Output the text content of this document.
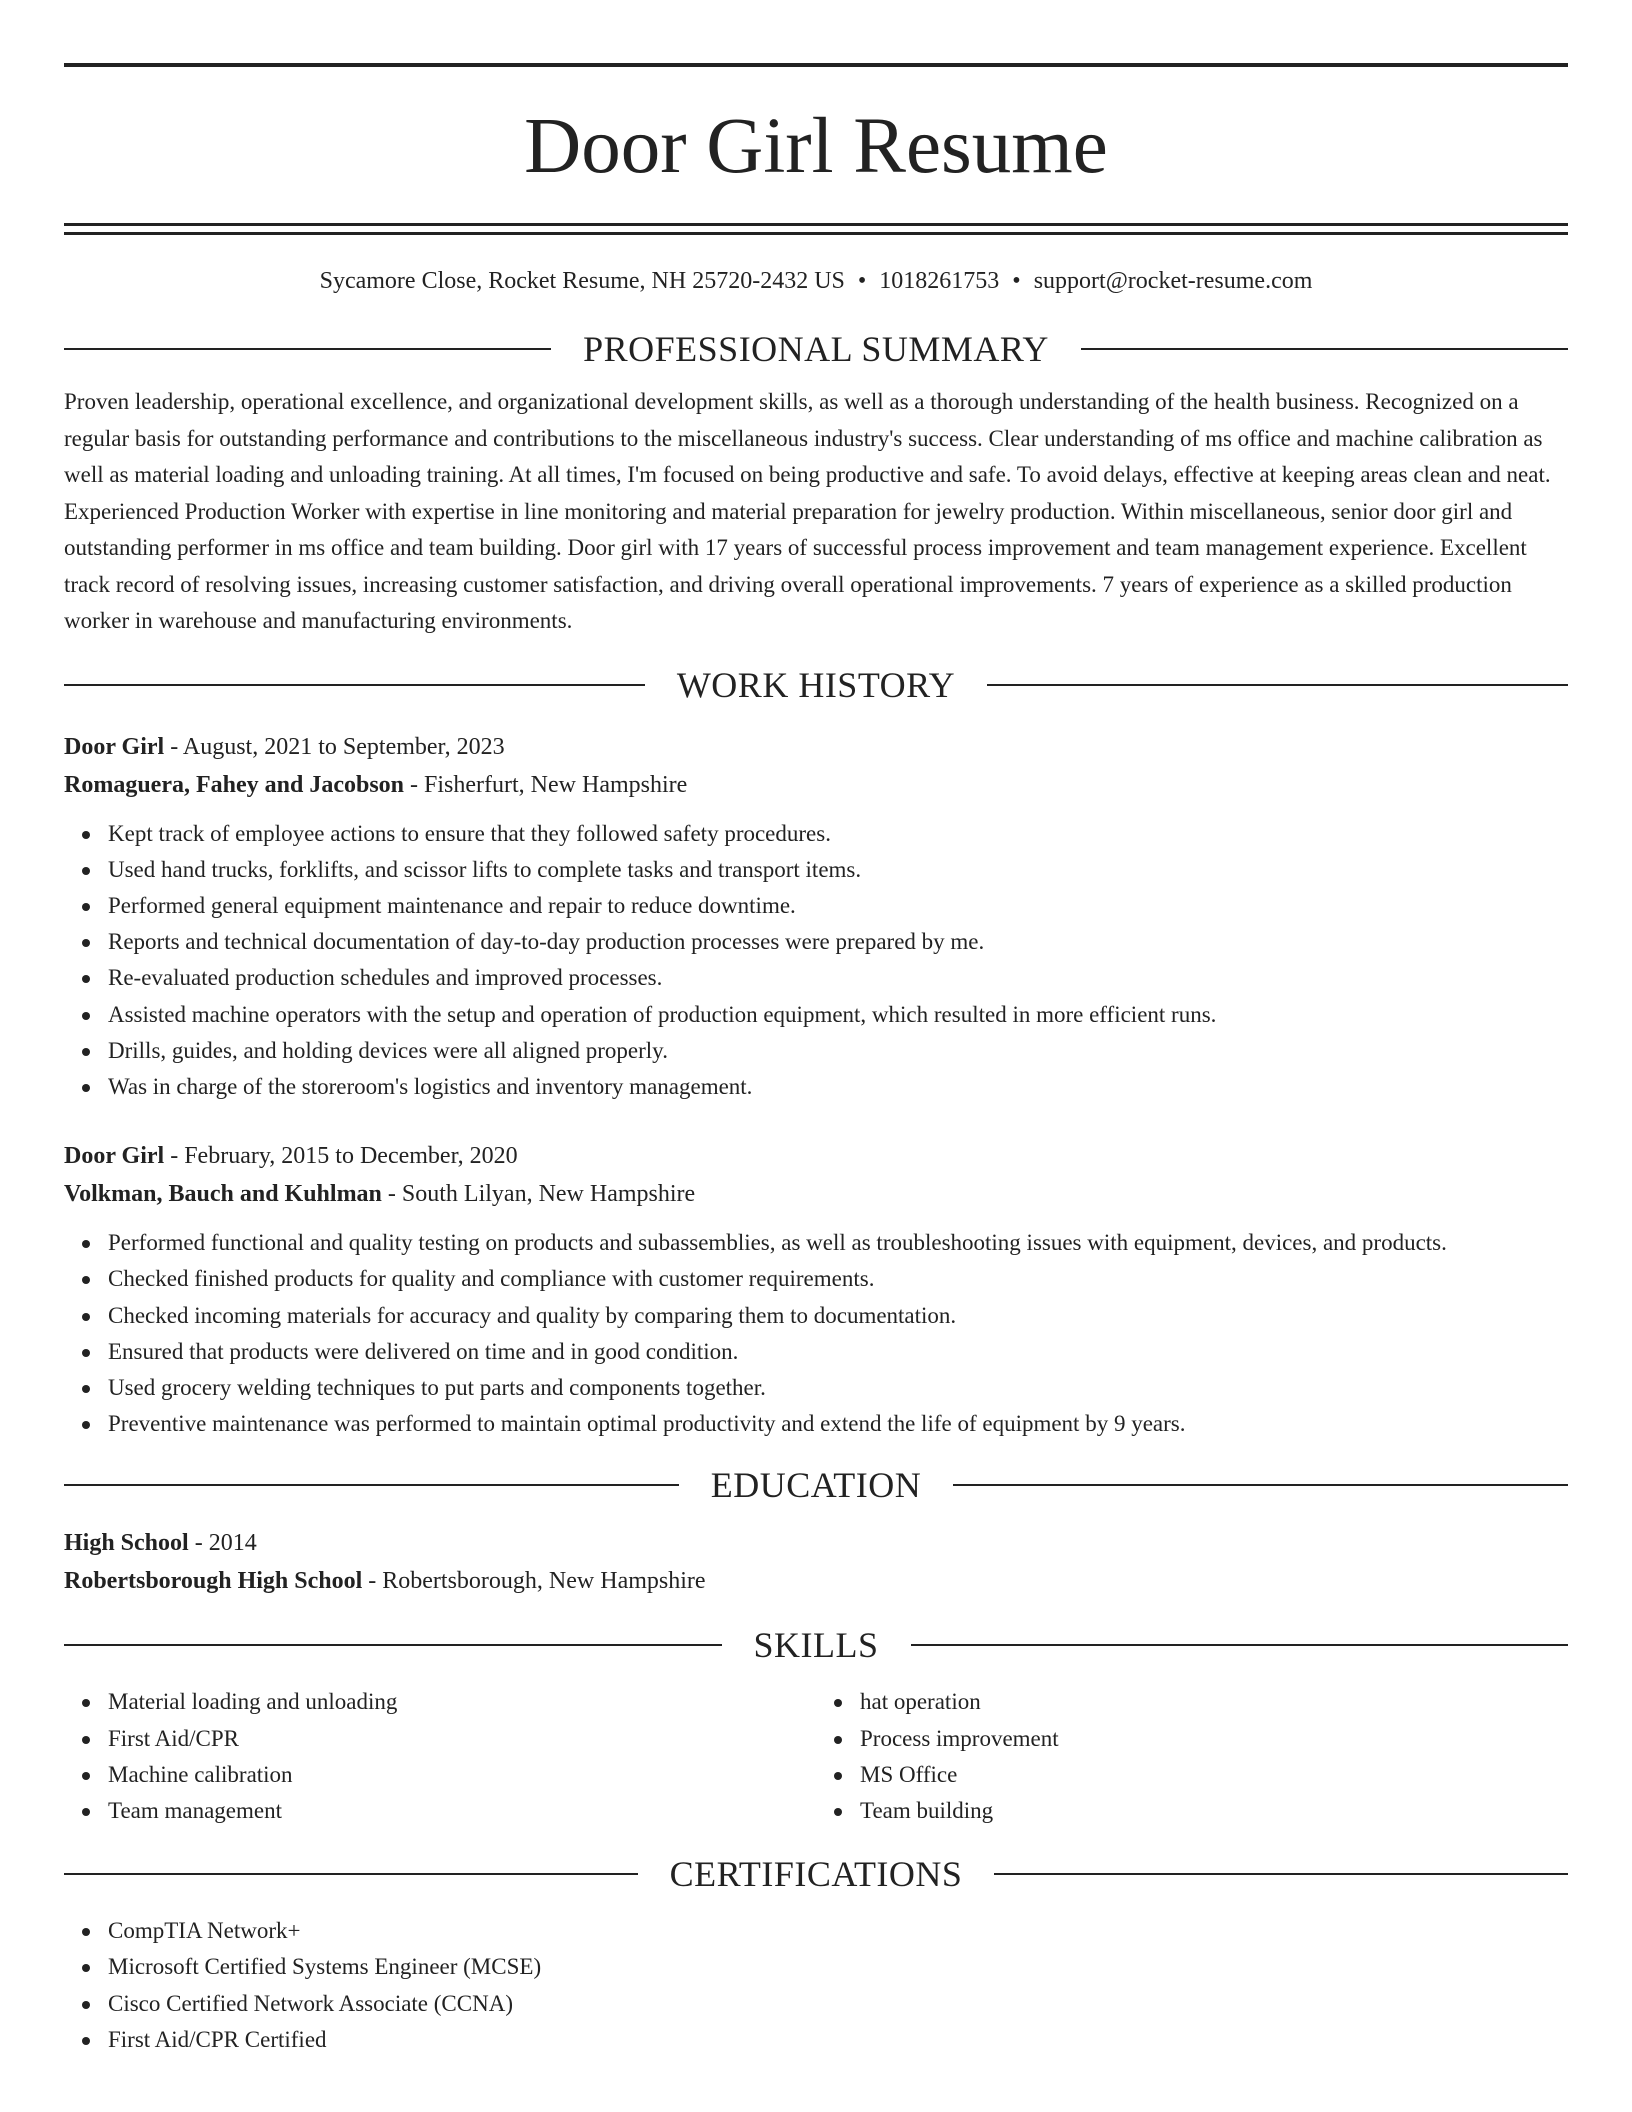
Door Girl Resume
Sycamore Close, Rocket Resume, NH 25720-2432 US • 1018261753 • support@rocket-resume.com
PROFESSIONAL SUMMARY

Proven leadership, operational excellence, and organizational development skills, as well as a thorough understanding of the health business. Recognized on a regular basis for outstanding performance and contributions to the miscellaneous industry's success. Clear understanding of ms office and machine calibration as well as material loading and unloading training. At all times, I'm focused on being productive and safe. To avoid delays, effective at keeping areas clean and neat. Experienced Production Worker with expertise in line monitoring and material preparation for jewelry production. Within miscellaneous, senior door girl and outstanding performer in ms office and team building. Door girl with 17 years of successful process improvement and team management experience. Excellent track record of resolving issues, increasing customer satisfaction, and driving overall operational improvements. 7 years of experience as a skilled production worker in warehouse and manufacturing environments.

WORK HISTORY
Door Girl - August, 2021 to September, 2023
Romaguera, Fahey and Jacobson - Fisherfurt, New Hampshire
Kept track of employee actions to ensure that they followed safety procedures.
Used hand trucks, forklifts, and scissor lifts to complete tasks and transport items.
Performed general equipment maintenance and repair to reduce downtime.
Reports and technical documentation of day-to-day production processes were prepared by me.
Re-evaluated production schedules and improved processes.
Assisted machine operators with the setup and operation of production equipment, which resulted in more efficient runs.
Drills, guides, and holding devices were all aligned properly.
Was in charge of the storeroom's logistics and inventory management.
Door Girl - February, 2015 to December, 2020
Volkman, Bauch and Kuhlman - South Lilyan, New Hampshire
Performed functional and quality testing on products and subassemblies, as well as troubleshooting issues with equipment, devices, and products.
Checked finished products for quality and compliance with customer requirements.
Checked incoming materials for accuracy and quality by comparing them to documentation.
Ensured that products were delivered on time and in good condition.
Used grocery welding techniques to put parts and components together.
Preventive maintenance was performed to maintain optimal productivity and extend the life of equipment by 9 years.
EDUCATION
High School - 2014
Robertsborough High School - Robertsborough, New Hampshire
SKILLS
Material loading and unloading
First Aid/CPR
Machine calibration
Team management
hat operation
Process improvement
MS Office
Team building
CERTIFICATIONS
CompTIA Network+
Microsoft Certified Systems Engineer (MCSE)
Cisco Certified Network Associate (CCNA)
First Aid/CPR Certified
